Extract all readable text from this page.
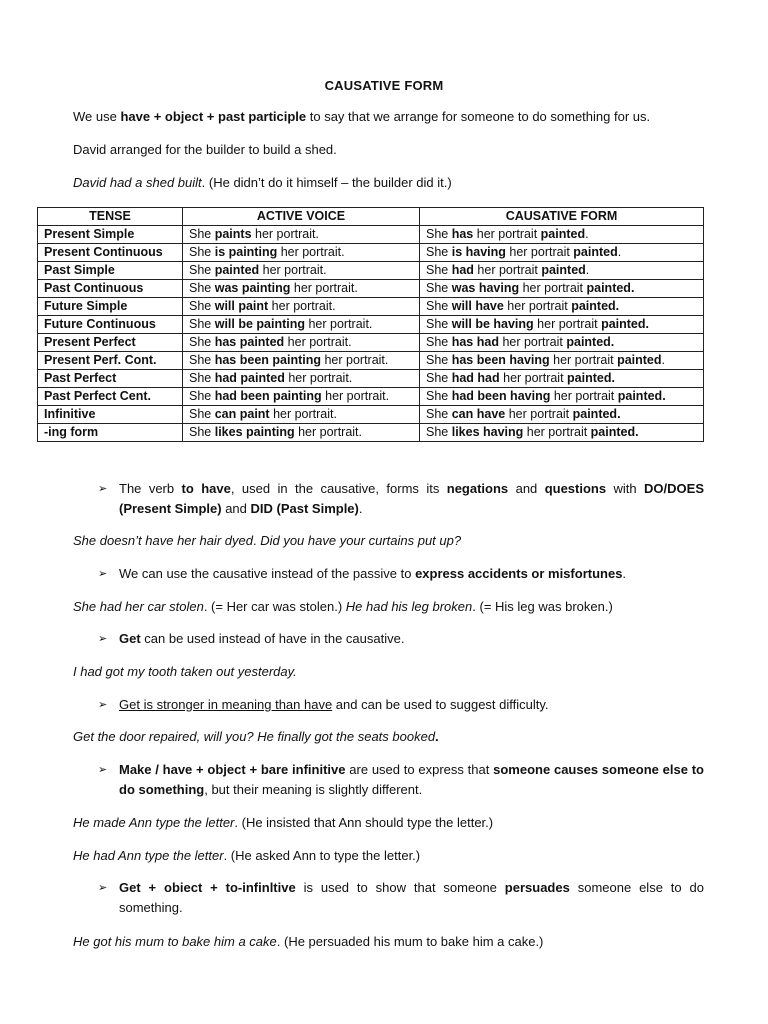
CAUSATIVE FORM

We use have + object + past participle to say that we arrange for someone to do something for us.

David arranged for the builder to build a shed.

David had a shed built. (He didn’t do it himself – the builder did it.)

TENSE	ACTIVE VOICE	CAUSATIVE FORM
Present Simple	She paints her portrait.	She has her portrait painted.
Present Continuous	She is painting her portrait.	She is having her portrait painted.
Past Simple	She painted her portrait.	She had her portrait painted.
Past Continuous	She was painting her portrait.	She was having her portrait painted.
Future Simple	She will paint her portrait.	She will have her portrait painted.
Future Continuous	She will be painting her portrait.	She will be having her portrait painted.
Present Perfect	She has painted her portrait.	She has had her portrait painted.
Present Perf. Cont.	She has been painting her portrait.	She has been having her portrait painted.
Past Perfect	She had painted her portrait.	She had had her portrait painted.
Past Perfect Cent.	She had been painting her portrait.	She had been having her portrait painted.
Infinitive	She can paint her portrait.	She can have her portrait painted.
-ing form	She likes painting her portrait.	She likes having her portrait painted.
➢ The verb to have, used in the causative, forms its negations and questions with DO/DOES (Present Simple) and DID (Past Simple).

She doesn’t have her hair dyed. Did you have your curtains put up?

➢ We can use the causative instead of the passive to express accidents or misfortunes.

She had her car stolen. (= Her car was stolen.) He had his leg broken. (= His leg was broken.)

➢ Get can be used instead of have in the causative.

I had got my tooth taken out yesterday.

➢ Get is stronger in meaning than have and can be used to suggest difficulty.

Get the door repaired, will you? He finally got the seats booked.

➢ Make / have + object + bare infinitive are used to express that someone causes someone else to do something, but their meaning is slightly different.

He made Ann type the letter. (He insisted that Ann should type the letter.)

He had Ann type the letter. (He asked Ann to type the letter.)

➢ Get + obiect + to-infinltive is used to show that someone persuades someone else to do something.

He got his mum to bake him a cake. (He persuaded his mum to bake him a cake.)
